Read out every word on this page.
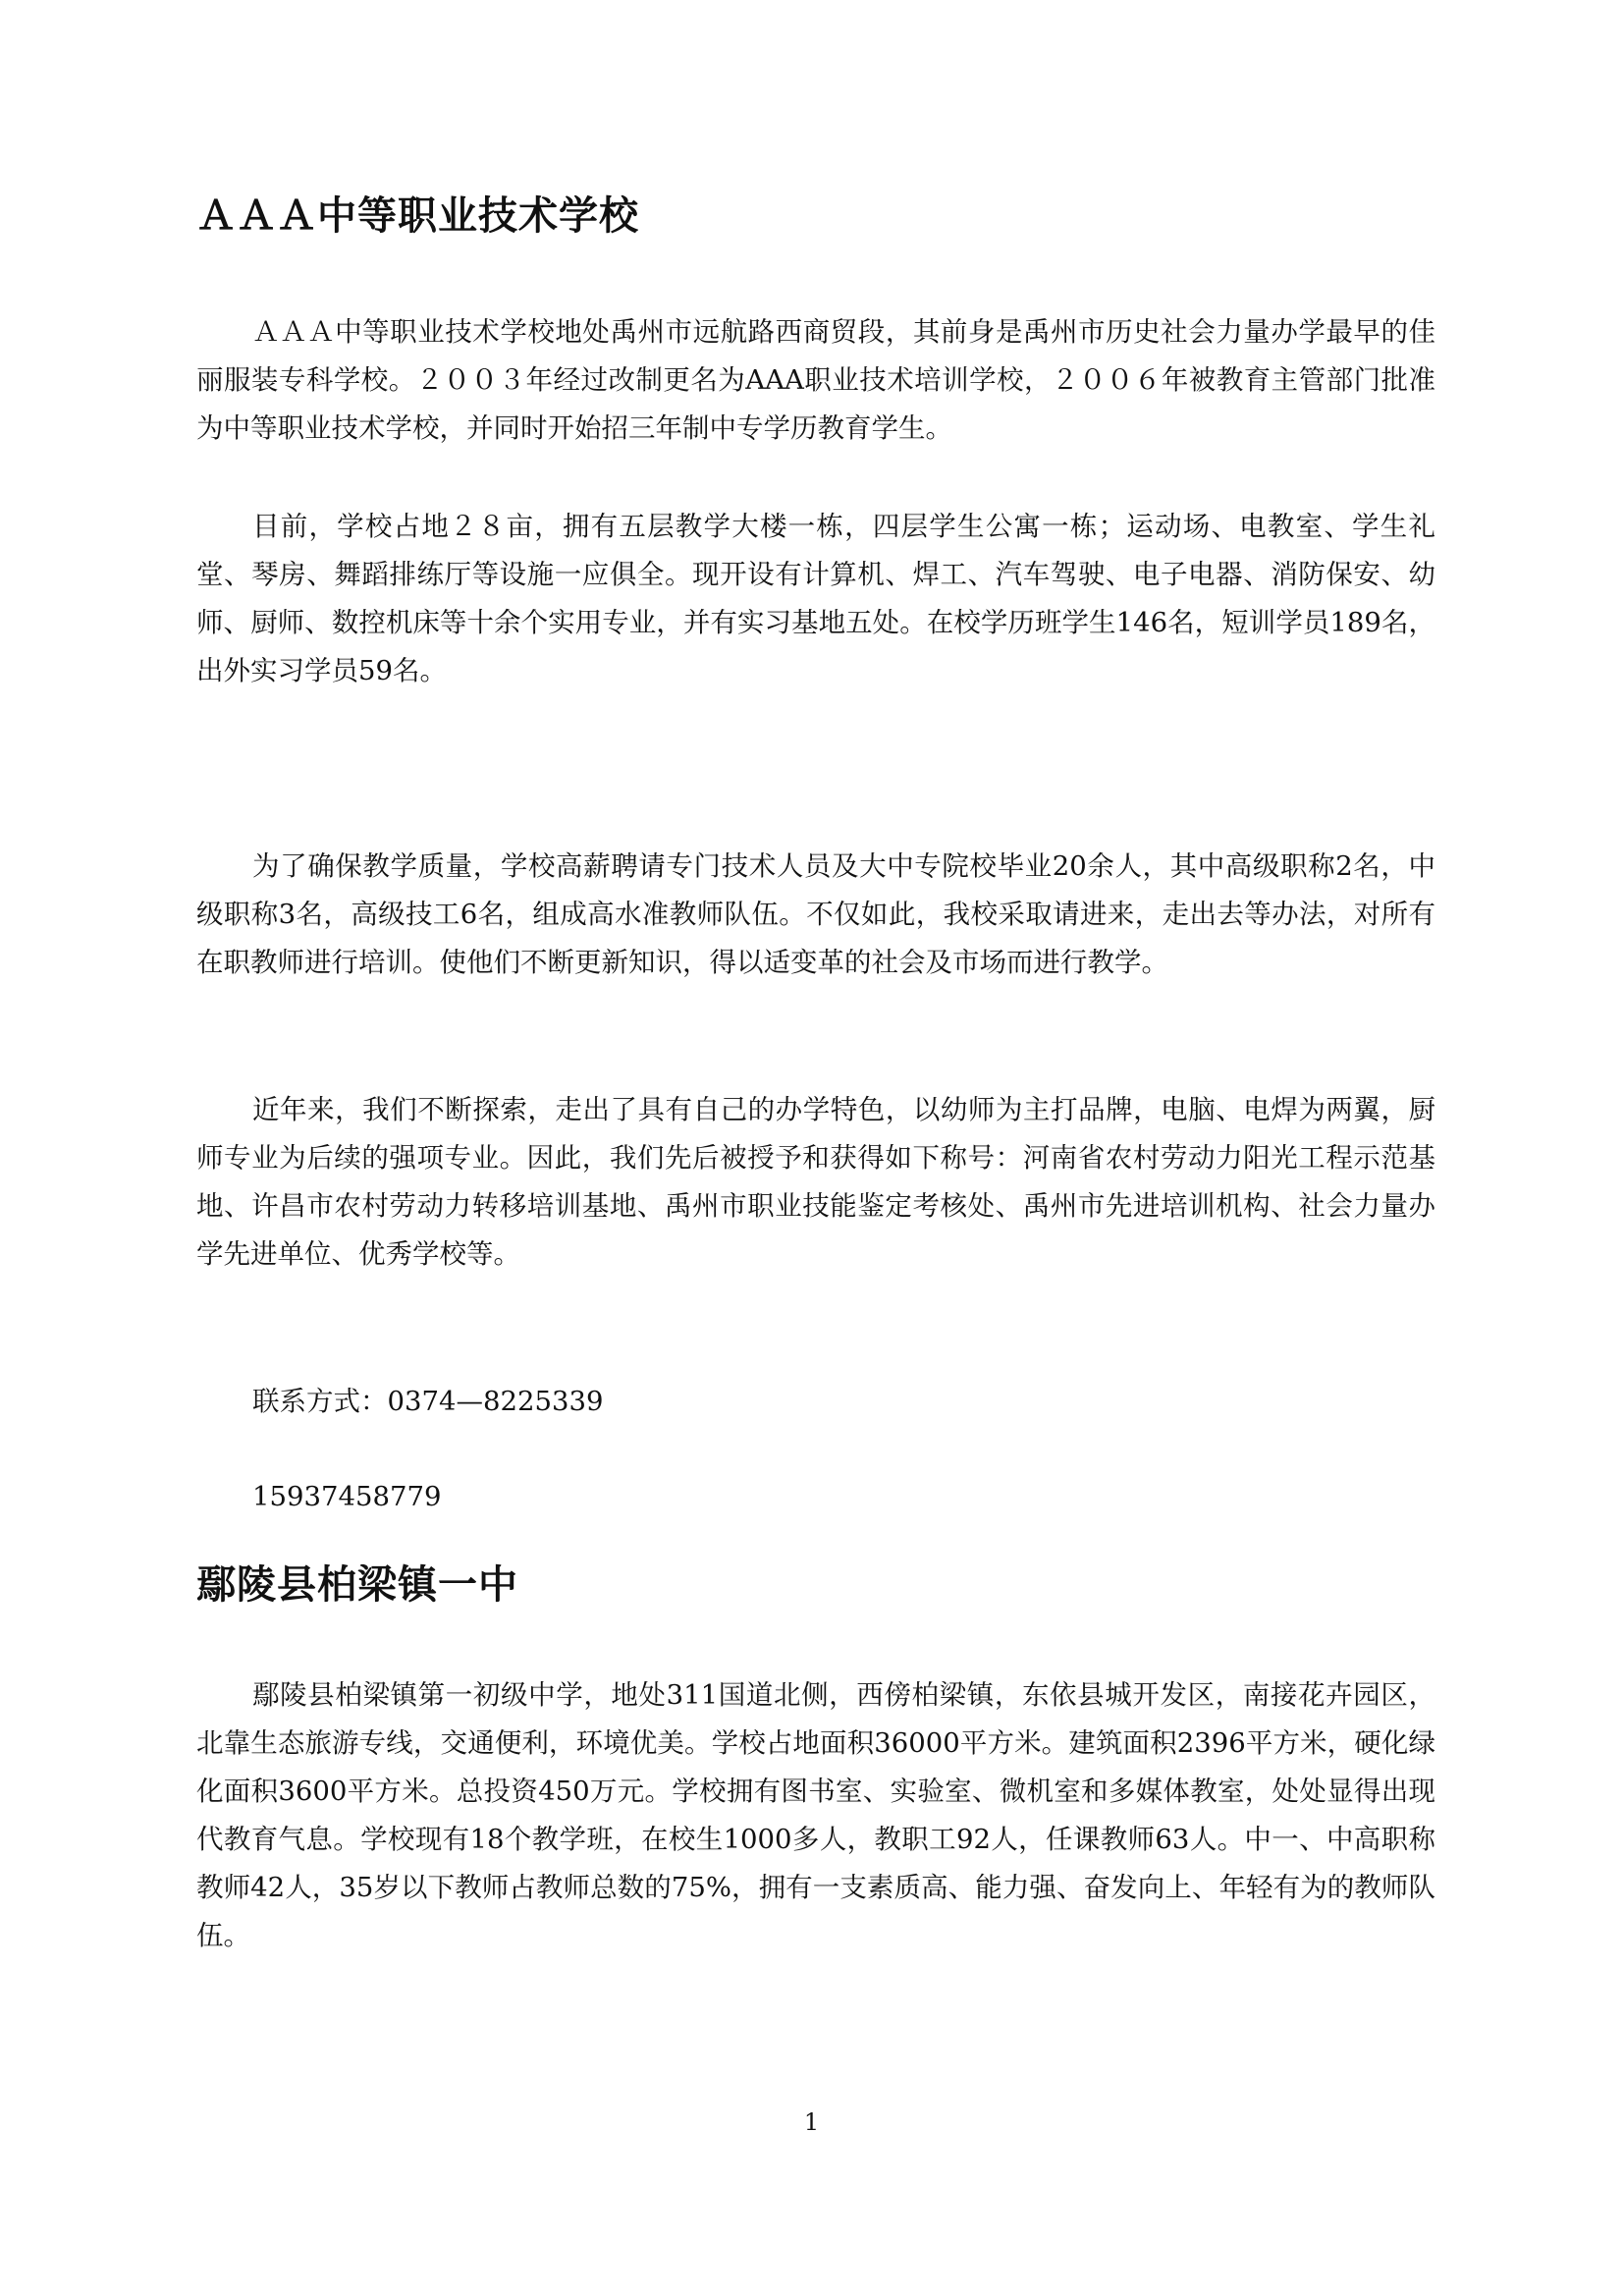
ＡＡＡ中等职业技术学校

ＡＡＡ中等职业技术学校地处禹州市远航路西商贸段，其前身是禹州市历史社会力量办学最早的佳丽服装专科学校。２００３年经过改制更名为AAA职业技术培训学校，２００６年被教育主管部门批准为中等职业技术学校，并同时开始招三年制中专学历教育学生。

目前，学校占地２８亩，拥有五层教学大楼一栋，四层学生公寓一栋；运动场、电教室、学生礼堂、琴房、舞蹈排练厅等设施一应俱全。现开设有计算机、焊工、汽车驾驶、电子电器、消防保安、幼师、厨师、数控机床等十余个实用专业，并有实习基地五处。在校学历班学生146名，短训学员189名，出外实习学员59名。

为了确保教学质量，学校高薪聘请专门技术人员及大中专院校毕业20余人，其中高级职称2名，中级职称3名，高级技工6名，组成高水准教师队伍。不仅如此，我校采取请进来，走出去等办法，对所有在职教师进行培训。使他们不断更新知识，得以适变革的社会及市场而进行教学。

近年来，我们不断探索，走出了具有自己的办学特色，以幼师为主打品牌，电脑、电焊为两翼，厨师专业为后续的强项专业。因此，我们先后被授予和获得如下称号：河南省农村劳动力阳光工程示范基地、许昌市农村劳动力转移培训基地、禹州市职业技能鉴定考核处、禹州市先进培训机构、社会力量办学先进单位、优秀学校等。

联系方式：0374—8225339

15937458779

鄢陵县柏梁镇一中

鄢陵县柏梁镇第一初级中学，地处311国道北侧，西傍柏梁镇，东依县城开发区，南接花卉园区，北靠生态旅游专线，交通便利，环境优美。学校占地面积36000平方米。建筑面积2396平方米，硬化绿化面积3600平方米。总投资450万元。学校拥有图书室、实验室、微机室和多媒体教室，处处显得出现代教育气息。学校现有18个教学班，在校生1000多人，教职工92人，任课教师63人。中一、中高职称教师42人，35岁以下教师占教师总数的75%，拥有一支素质高、能力强、奋发向上、年轻有为的教师队伍。

1
